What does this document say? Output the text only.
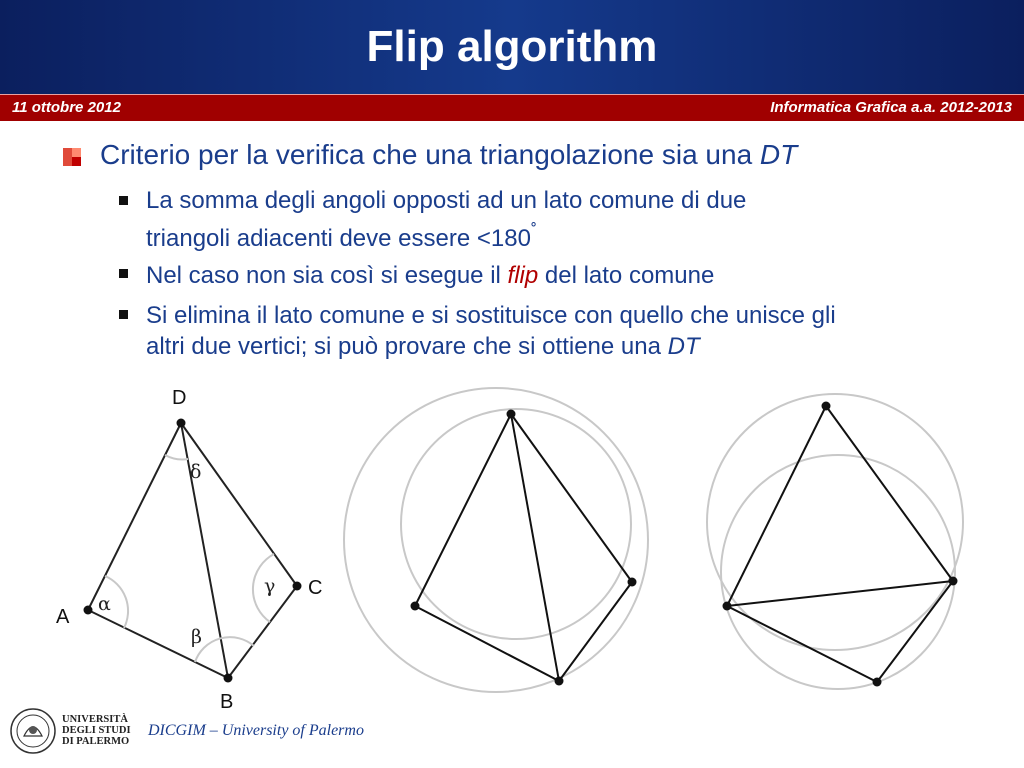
Flip algorithm
11 ottobre 2012	Informatica Grafica a.a. 2012-2013
Criterio per la verifica che una triangolazione sia una DT
La somma degli angoli opposti ad un lato comune di due
triangoli adiacenti deve essere <180˚
Nel caso non sia così si esegue il flip del lato comune
Si elimina il lato comune e si sostituisce con quello che unisce gli
altri due vertici; si può provare che si ottiene una DT
A
B
C
D
α
β
γ
δ
UNIVERSITÀ
DEGLI STUDI
DI PALERMO
DICGIM – University of Palermo
